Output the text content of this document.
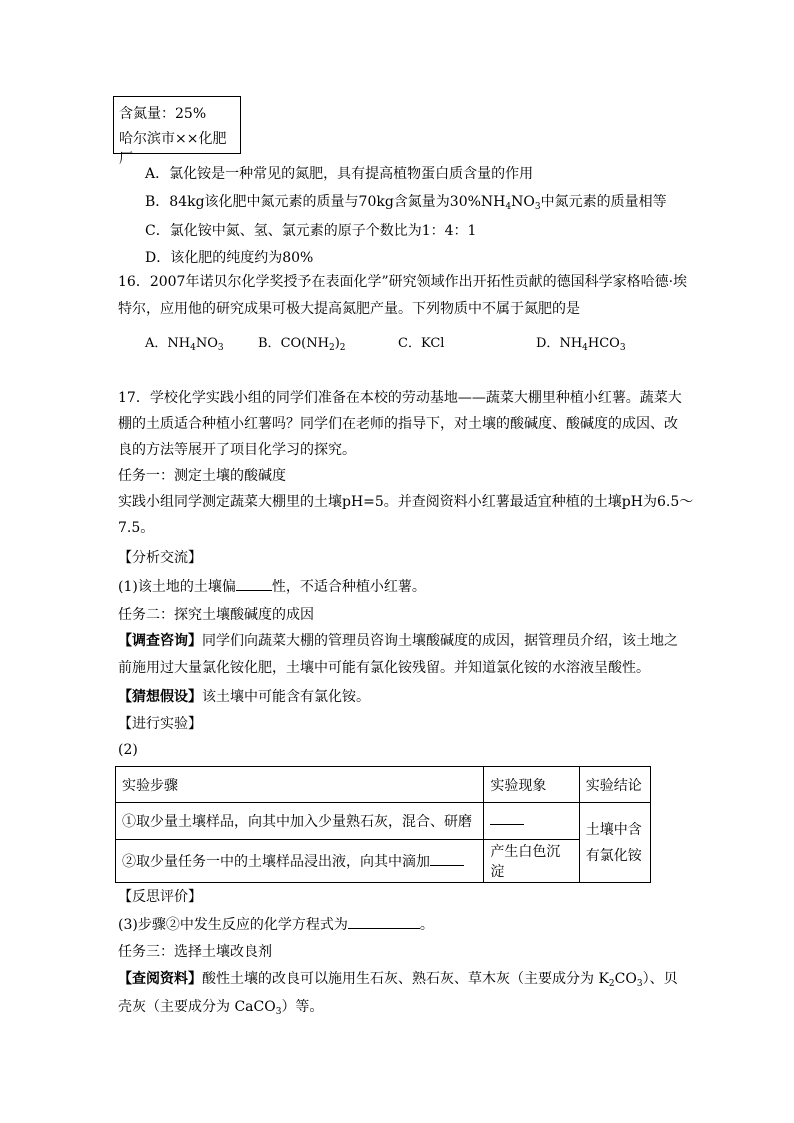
含氮量：25%
哈尔滨市××化肥厂
A．氯化铵是一种常见的氮肥，具有提高植物蛋白质含量的作用
B．84kg该化肥中氮元素的质量与70kg含氮量为$30\%NH_4NO_3$中氮元素的质量相等
C．氯化铵中氮、氢、氯元素的原子个数比为1：4：1
D．该化肥的纯度约为80%
16．2007年诺贝尔化学奖授予在表面化学”研究领域作出开拓性贡献的德国科学家格哈德·埃
特尔，应用他的研究成果可极大提高氮肥产量。下列物质中不属于氮肥的是
A．$NH_4NO_3$	B．$CO(NH_2)_2$	C．KCl	D．$NH_4HCO_3$
17．学校化学实践小组的同学们准备在本校的劳动基地——蔬菜大棚里种植小红薯。蔬菜大
棚的土质适合种植小红薯吗？同学们在老师的指导下，对土壤的酸碱度、酸碱度的成因、改
良的方法等展开了项目化学习的探究。
任务一：测定土壤的酸碱度
实践小组同学测定蔬菜大棚里的土壤pH=5。并查阅资料小红薯最适宜种植的土壤pH为6.5～
7.5。
【分析交流】
(1)该土地的土壤偏	性，不适合种植小红薯。
任务二：探究土壤酸碱度的成因
【调查咨询】同学们向蔬菜大棚的管理员咨询土壤酸碱度的成因，据管理员介绍，该土地之
前施用过大量氯化铵化肥，土壤中可能有氯化铵残留。并知道氯化铵的水溶液呈酸性。
【猜想假设】该土壤中可能含有氯化铵。
【进行实验】
(2)
实验步骤	实验现象	实验结论
①取少量土壤样品，向其中加入少量熟石灰，混合、研磨		土壤中含
有氯化铵

②取少量任务一中的土壤样品浸出液，向其中滴加	产生白色沉淀	
【反思评价】
(3)步骤②中发生反应的化学方程式为	。
任务三：选择土壤改良剂
【查阅资料】酸性土壤的改良可以施用生石灰、熟石灰、草木灰（主要成分为 $K_2CO_3$）、贝
壳灰（主要成分为 CaCO$_3$）等。
